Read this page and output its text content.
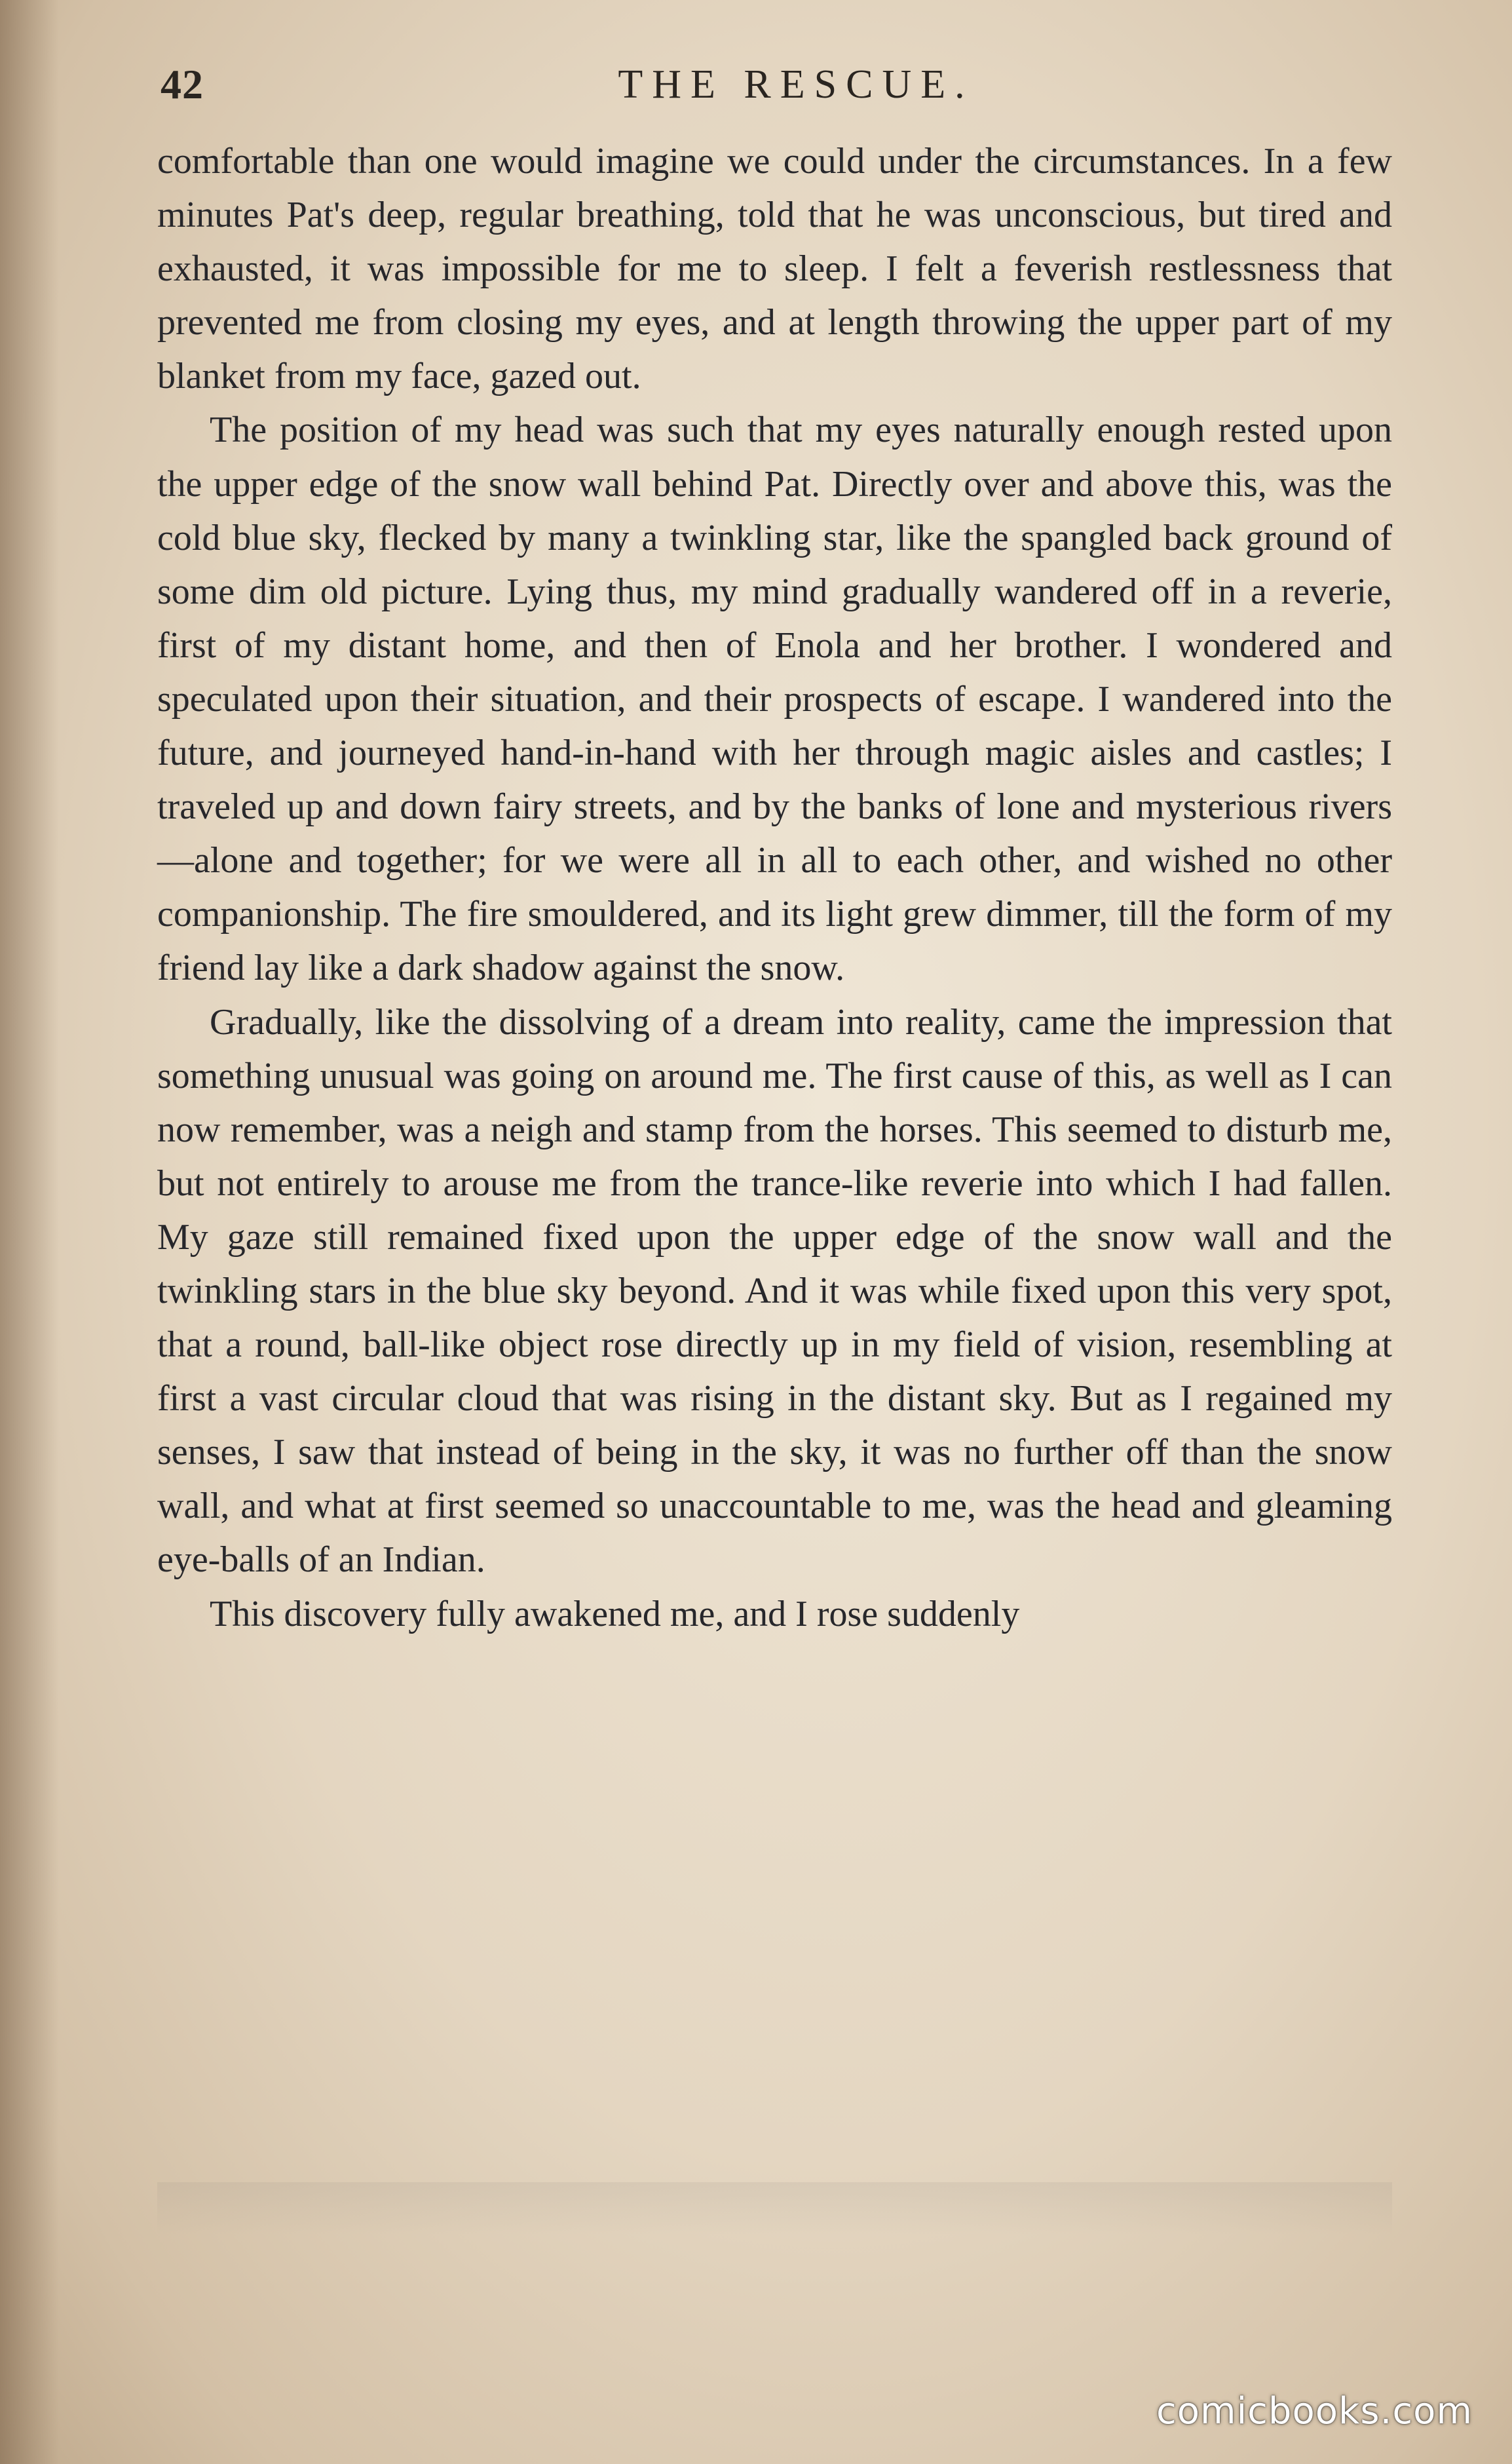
42	THE RESCUE.

comfortable than one would imagine we could under the circumstances. In a few minutes Pat's deep, regular breathing, told that he was unconscious, but tired and exhausted, it was impossible for me to sleep. I felt a feverish restlessness that prevented me from closing my eyes, and at length throwing the upper part of my blanket from my face, gazed out.

The position of my head was such that my eyes naturally enough rested upon the upper edge of the snow wall behind Pat. Directly over and above this, was the cold blue sky, flecked by many a twinkling star, like the spangled back ground of some dim old picture. Lying thus, my mind gradually wandered off in a reverie, first of my distant home, and then of Enola and her brother. I wondered and speculated upon their situation, and their prospects of escape. I wandered into the future, and journeyed hand-in-hand with her through magic aisles and castles; I traveled up and down fairy streets, and by the banks of lone and mysterious rivers—alone and together; for we were all in all to each other, and wished no other companionship. The fire smouldered, and its light grew dimmer, till the form of my friend lay like a dark shadow against the snow.

Gradually, like the dissolving of a dream into reality, came the impression that something unusual was going on around me. The first cause of this, as well as I can now remember, was a neigh and stamp from the horses. This seemed to disturb me, but not entirely to arouse me from the trance-like reverie into which I had fallen. My gaze still remained fixed upon the upper edge of the snow wall and the twinkling stars in the blue sky beyond. And it was while fixed upon this very spot, that a round, ball-like object rose directly up in my field of vision, resembling at first a vast circular cloud that was rising in the distant sky. But as I regained my senses, I saw that instead of being in the sky, it was no further off than the snow wall, and what at first seemed so unaccountable to me, was the head and gleaming eye-balls of an Indian.

This discovery fully awakened me, and I rose suddenly

comicbooks.com
